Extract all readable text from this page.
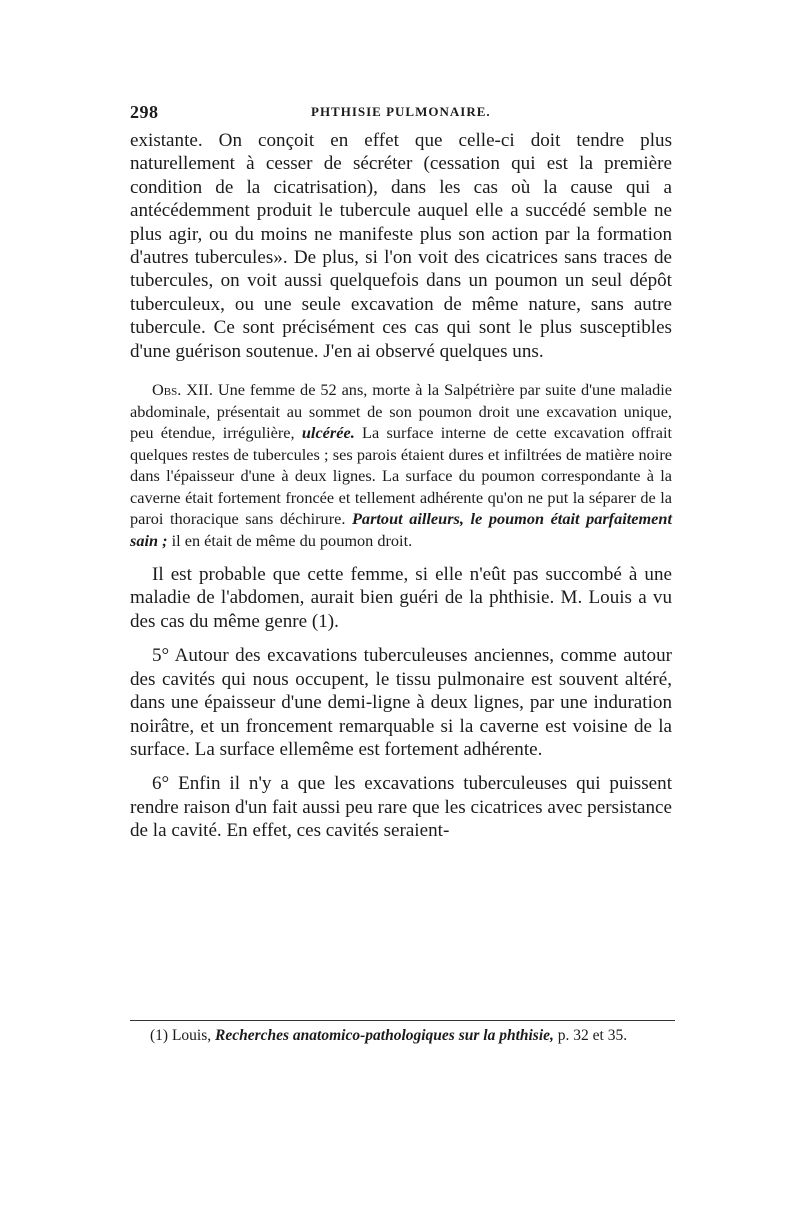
298	PHTHISIE PULMONAIRE.

existante. On conçoit en effet que celle-ci doit tendre plus naturellement à cesser de sécréter (cessation qui est la première condition de la cicatrisation), dans les cas où la cause qui a antécédemment produit le tubercule auquel elle a succédé semble ne plus agir, ou du moins ne manifeste plus son action par la formation d'autres tubercules». De plus, si l'on voit des cicatrices sans traces de tubercules, on voit aussi quelquefois dans un poumon un seul dépôt tuberculeux, ou une seule excavation de même nature, sans autre tubercule. Ce sont précisément ces cas qui sont le plus susceptibles d'une guérison soutenue. J'en ai observé quelques uns.

Obs. XII. Une femme de 52 ans, morte à la Salpétrière par suite d'une maladie abdominale, présentait au sommet de son poumon droit une excavation unique, peu étendue, irrégulière, ulcérée. La surface interne de cette excavation offrait quelques restes de tubercules ; ses parois étaient dures et infiltrées de matière noire dans l'épaisseur d'une à deux lignes. La surface du poumon correspondante à la caverne était fortement froncée et tellement adhérente qu'on ne put la séparer de la paroi thoracique sans déchirure. Partout ailleurs, le poumon était parfaitement sain ; il en était de même du poumon droit.

Il est probable que cette femme, si elle n'eût pas succombé à une maladie de l'abdomen, aurait bien guéri de la phthisie. M. Louis a vu des cas du même genre (1).

5° Autour des excavations tuberculeuses anciennes, comme autour des cavités qui nous occupent, le tissu pulmonaire est souvent altéré, dans une épaisseur d'une demi-ligne à deux lignes, par une induration noirâtre, et un froncement remarquable si la caverne est voisine de la surface. La surface ellemême est fortement adhérente.

6° Enfin il n'y a que les excavations tuberculeuses qui puissent rendre raison d'un fait aussi peu rare que les cicatrices avec persistance de la cavité. En effet, ces cavités seraient-

(1) Louis, Recherches anatomico-pathologiques sur la phthisie, p. 32 et 35.
